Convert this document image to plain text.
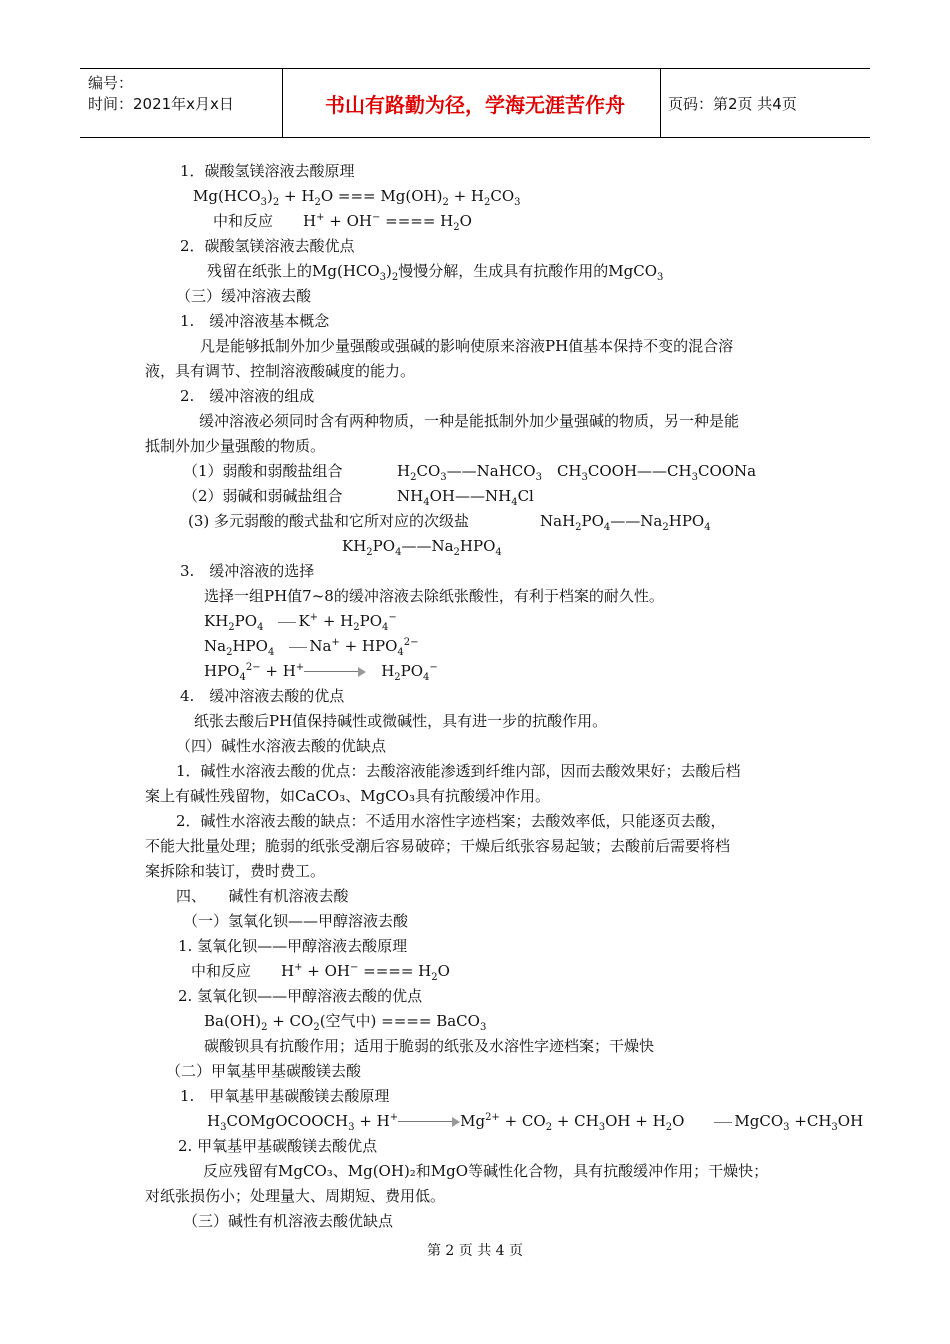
编号：
时间：2021年x月x日	书山有路勤为径，学海无涯苦作舟	页码：第2页 共4页
1．碳酸氢镁溶液去酸原理
$Mg(HCO_3)_2 + H_2O$ === $Mg(OH)_2 + H_2CO_3$
中和反应　　H+ + OH− ==== $H_2O$
2．碳酸氢镁溶液去酸优点
残留在纸张上的$Mg(HCO_3)_2$慢慢分解，生成具有抗酸作用的MgCO$_3$
（三）缓冲溶液去酸
1.　缓冲溶液基本概念
凡是能够抵制外加少量强酸或强碱的影响使原来溶液PH值基本保持不变的混合溶
液，具有调节、控制溶液酸碱度的能力。
2.　缓冲溶液的组成
缓冲溶液必须同时含有两种物质，一种是能抵制外加少量强碱的物质，另一种是能
抵制外加少量强酸的物质。
（1）弱酸和弱酸盐组合	$H_2CO_3——NaHCO_3$　$CH_3COOH——CH_3COONa$
（2）弱碱和弱碱盐组合	$NH_4OH——NH_4Cl$
(3) 多元弱酸的酸式盐和它所对应的次级盐	$NaH_2PO_4——Na_2HPO_4$
$KH_2PO_4——Na_2HPO_4$
3.　缓冲溶液的选择
选择一组PH值7~8的缓冲溶液去除纸张酸性，有利于档案的耐久性。
$KH_2PO_4$　 $K^+ + H_2PO_4^-$
$Na_2HPO_4$　 $Na^+ + HPO_4^{2-}$
$HPO_4^{2-} + H^+$	　$H_2PO_4^-$
4.　缓冲溶液去酸的优点
纸张去酸后PH值保持碱性或微碱性，具有进一步的抗酸作用。
（四）碱性水溶液去酸的优缺点
1．碱性水溶液去酸的优点：去酸溶液能渗透到纤维内部，因而去酸效果好；去酸后档
案上有碱性残留物，如CaCO₃、MgCO₃具有抗酸缓冲作用。
2．碱性水溶液去酸的缺点：不适用水溶性字迹档案；去酸效率低，只能逐页去酸，
不能大批量处理；脆弱的纸张受潮后容易破碎；干燥后纸张容易起皱；去酸前后需要将档
案拆除和装订，费时费工。
四、　　碱性有机溶液去酸
（一）氢氧化钡——甲醇溶液去酸
1. 氢氧化钡——甲醇溶液去酸原理
中和反应　　H+ + OH− ==== $H_2O$
2. 氢氧化钡——甲醇溶液去酸的优点
$Ba(OH)_2 + CO_2$(空气中) ==== BaCO$_3$
碳酸钡具有抗酸作用；适用于脆弱的纸张及水溶性字迹档案；干燥快
（二）甲氧基甲基碳酸镁去酸
1.　甲氧基甲基碳酸镁去酸原理
$H_3COMgOCOOCH_3 + H^+$	$Mg^{2+} + CO_2 + CH_3OH + H_2O$　　MgCO$_3$ $+CH_3OH$
2. 甲氧基甲基碳酸镁去酸优点
反应残留有MgCO₃、Mg(OH)₂和MgO等碱性化合物，具有抗酸缓冲作用；干燥快；
对纸张损伤小；处理量大、周期短、费用低。
（三）碱性有机溶液去酸优缺点
第 2 页 共 4 页
